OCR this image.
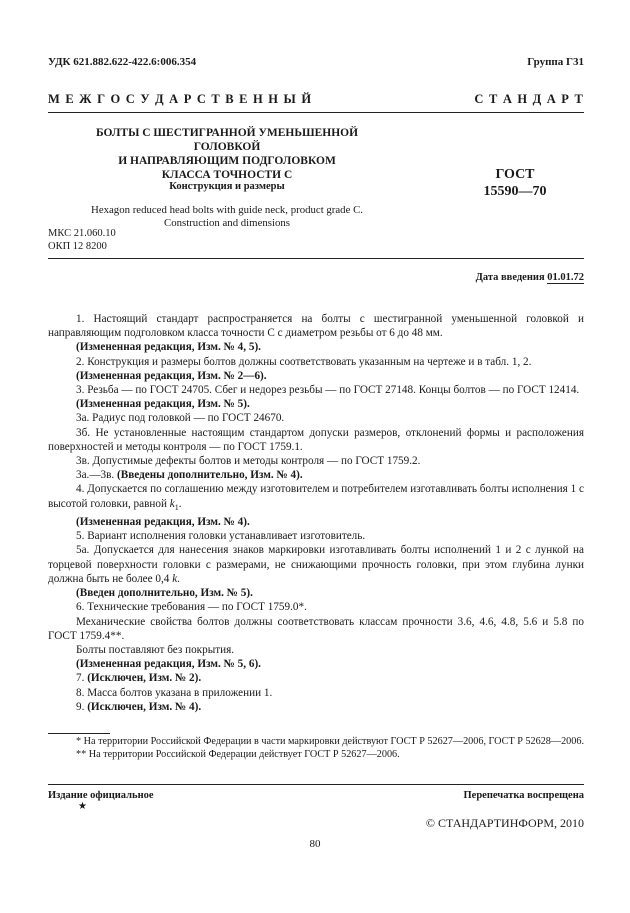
УДК 621.882.622-422.6:006.354	Группа Г31
М Е Ж Г О С У Д А Р С Т В Е Н Н Ы Й	С Т А Н Д А Р Т
БОЛТЫ С ШЕСТИГРАННОЙ УМЕНЬШЕННОЙ ГОЛОВКОЙ
И НАПРАВЛЯЮЩИМ ПОДГОЛОВКОМ
КЛАССА ТОЧНОСТИ С
Конструкция и размеры
ГОСТ
15590—70
Hexagon reduced head bolts with guide neck, product grade C.
Construction and dimensions
МКС 21.060.10
ОКП 12 8200
Дата введения 01.01.72

1. Настоящий стандарт распространяется на болты с шестигранной уменьшенной головкой и направляющим подголовком класса точности С с диаметром резьбы от 6 до 48 мм.

(Измененная редакция, Изм. № 4, 5).

2. Конструкция и размеры болтов должны соответствовать указанным на чертеже и в табл. 1, 2.

(Измененная редакция, Изм. № 2—6).

3. Резьба — по ГОСТ 24705. Сбег и недорез резьбы — по ГОСТ 27148. Концы болтов — по ГОСТ 12414.

(Измененная редакция, Изм. № 5).

3а. Радиус под головкой — по ГОСТ 24670.

3б. Не установленные настоящим стандартом допуски размеров, отклонений формы и расположения поверхностей и методы контроля — по ГОСТ 1759.1.

3в. Допустимые дефекты болтов и методы контроля — по ГОСТ 1759.2.

3а.—3в. (Введены дополнительно, Изм. № 4).

4. Допускается по соглашению между изготовителем и потребителем изготавливать болты исполнения 1 с высотой головки, равной $k_1$.

(Измененная редакция, Изм. № 4).

5. Вариант исполнения головки устанавливает изготовитель.

5а. Допускается для нанесения знаков маркировки изготавливать болты исполнений 1 и 2 с лункой на торцевой поверхности головки с размерами, не снижающими прочность головки, при этом глубина лунки должна быть не более 0,4 k.

(Введен дополнительно, Изм. № 5).

6. Технические требования — по ГОСТ 1759.0*.

Механические свойства болтов должны соответствовать классам прочности 3.6, 4.6, 4.8, 5.6 и 5.8 по ГОСТ 1759.4**.

Болты поставляют без покрытия.

(Измененная редакция, Изм. № 5, 6).

7. (Исключен, Изм. № 2).

8. Масса болтов указана в приложении 1.

9. (Исключен, Изм. № 4).

* На территории Российской Федерации в части маркировки действуют ГОСТ Р 52627—2006, ГОСТ Р 52628—2006.

** На территории Российской Федерации действует ГОСТ Р 52627—2006.

Издание официальное	Перепечатка воспрещена
★
© СТАНДАРТИНФОРМ, 2010
80
